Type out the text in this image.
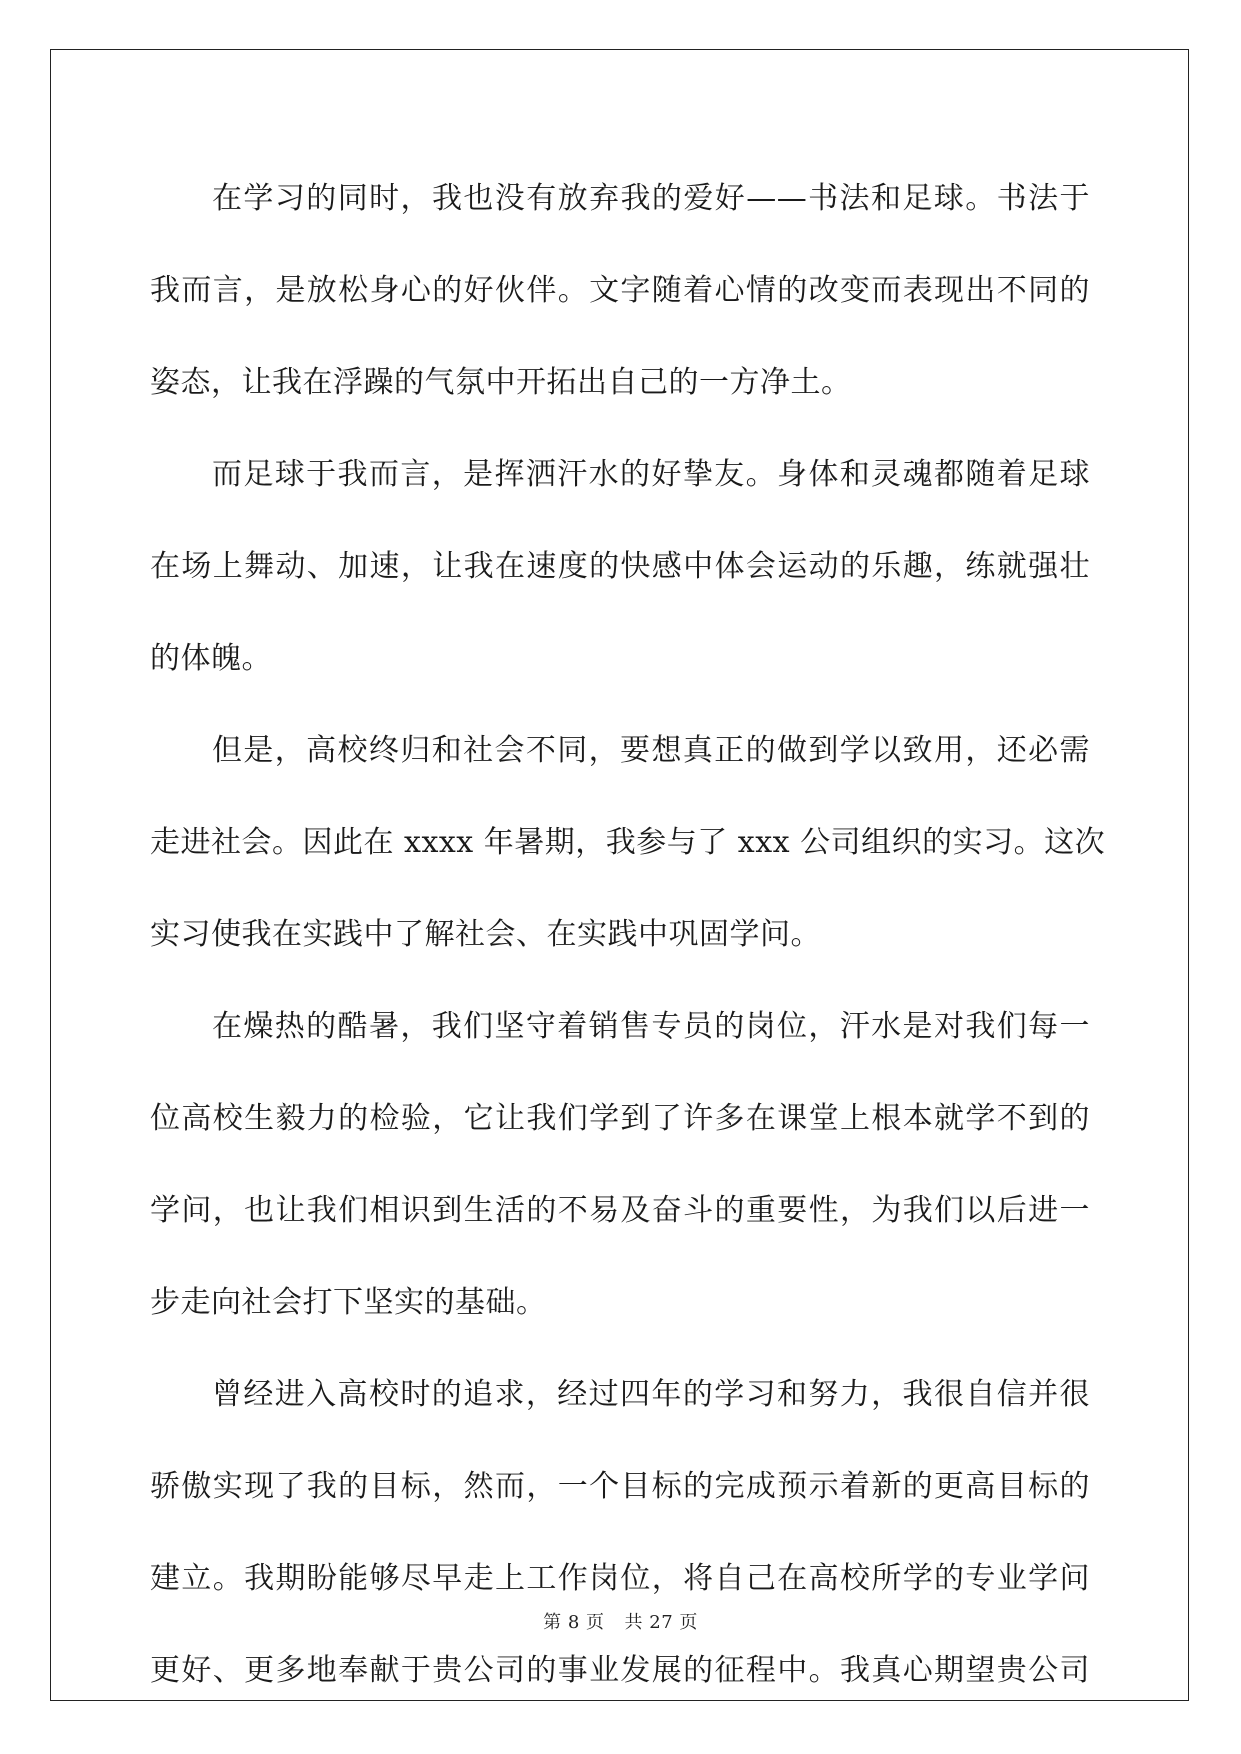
在学习的同时，我也没有放弃我的爱好——书法和足球。书法于
我而言，是放松身心的好伙伴。文字随着心情的改变而表现出不同的
姿态，让我在浮躁的气氛中开拓出自己的一方净土。
而足球于我而言，是挥洒汗水的好挚友。身体和灵魂都随着足球
在场上舞动、加速，让我在速度的快感中体会运动的乐趣，练就强壮
的体魄。
但是，高校终归和社会不同，要想真正的做到学以致用，还必需
走进社会。因此在 xxxx 年暑期，我参与了 xxx 公司组织的实习。这次
实习使我在实践中了解社会、在实践中巩固学问。
在燥热的酷暑，我们坚守着销售专员的岗位，汗水是对我们每一
位高校生毅力的检验，它让我们学到了许多在课堂上根本就学不到的
学问，也让我们相识到生活的不易及奋斗的重要性，为我们以后进一
步走向社会打下坚实的基础。
曾经进入高校时的追求，经过四年的学习和努力，我很自信并很
骄傲实现了我的目标，然而，一个目标的完成预示着新的更高目标的
建立。我期盼能够尽早走上工作岗位，将自己在高校所学的专业学问
更好、更多地奉献于贵公司的事业发展的征程中。我真心期望贵公司
第 8 页 共 27 页
